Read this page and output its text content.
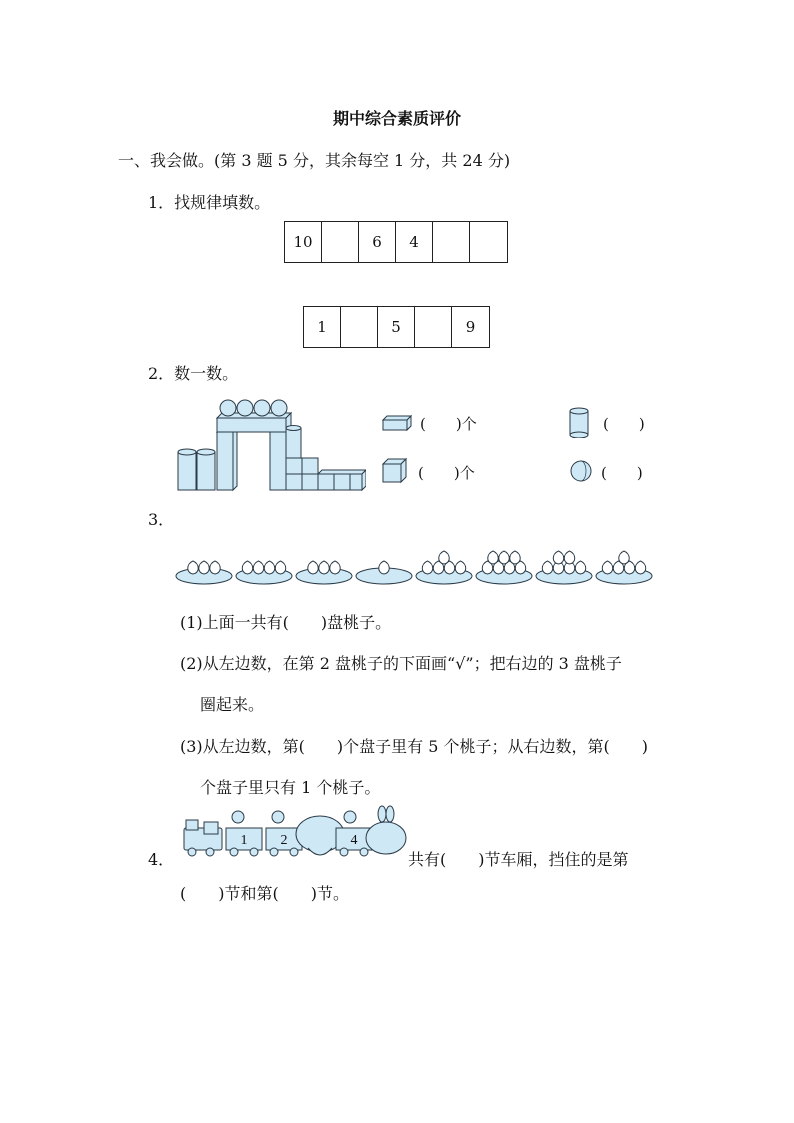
期中综合素质评价
一、我会做。(第 3 题 5 分，其余每空 1 分，共 24 分)
1．找规律填数。
10	6	4
1	5	9
2．数一数。
(　　)个	(　　)
(　　)个	(　　)
3．
(1)上面一共有(　　)盘桃子。
(2)从左边数，在第 2 盘桃子的下面画“√”；把右边的 3 盘桃子
圈起来。
(3)从左边数，第(　　)个盘子里有 5 个桃子；从右边数，第(　　)
个盘子里只有 1 个桃子。
4．
1 2	4
共有(　　)节车厢，挡住的是第
(　　)节和第(　　)节。
